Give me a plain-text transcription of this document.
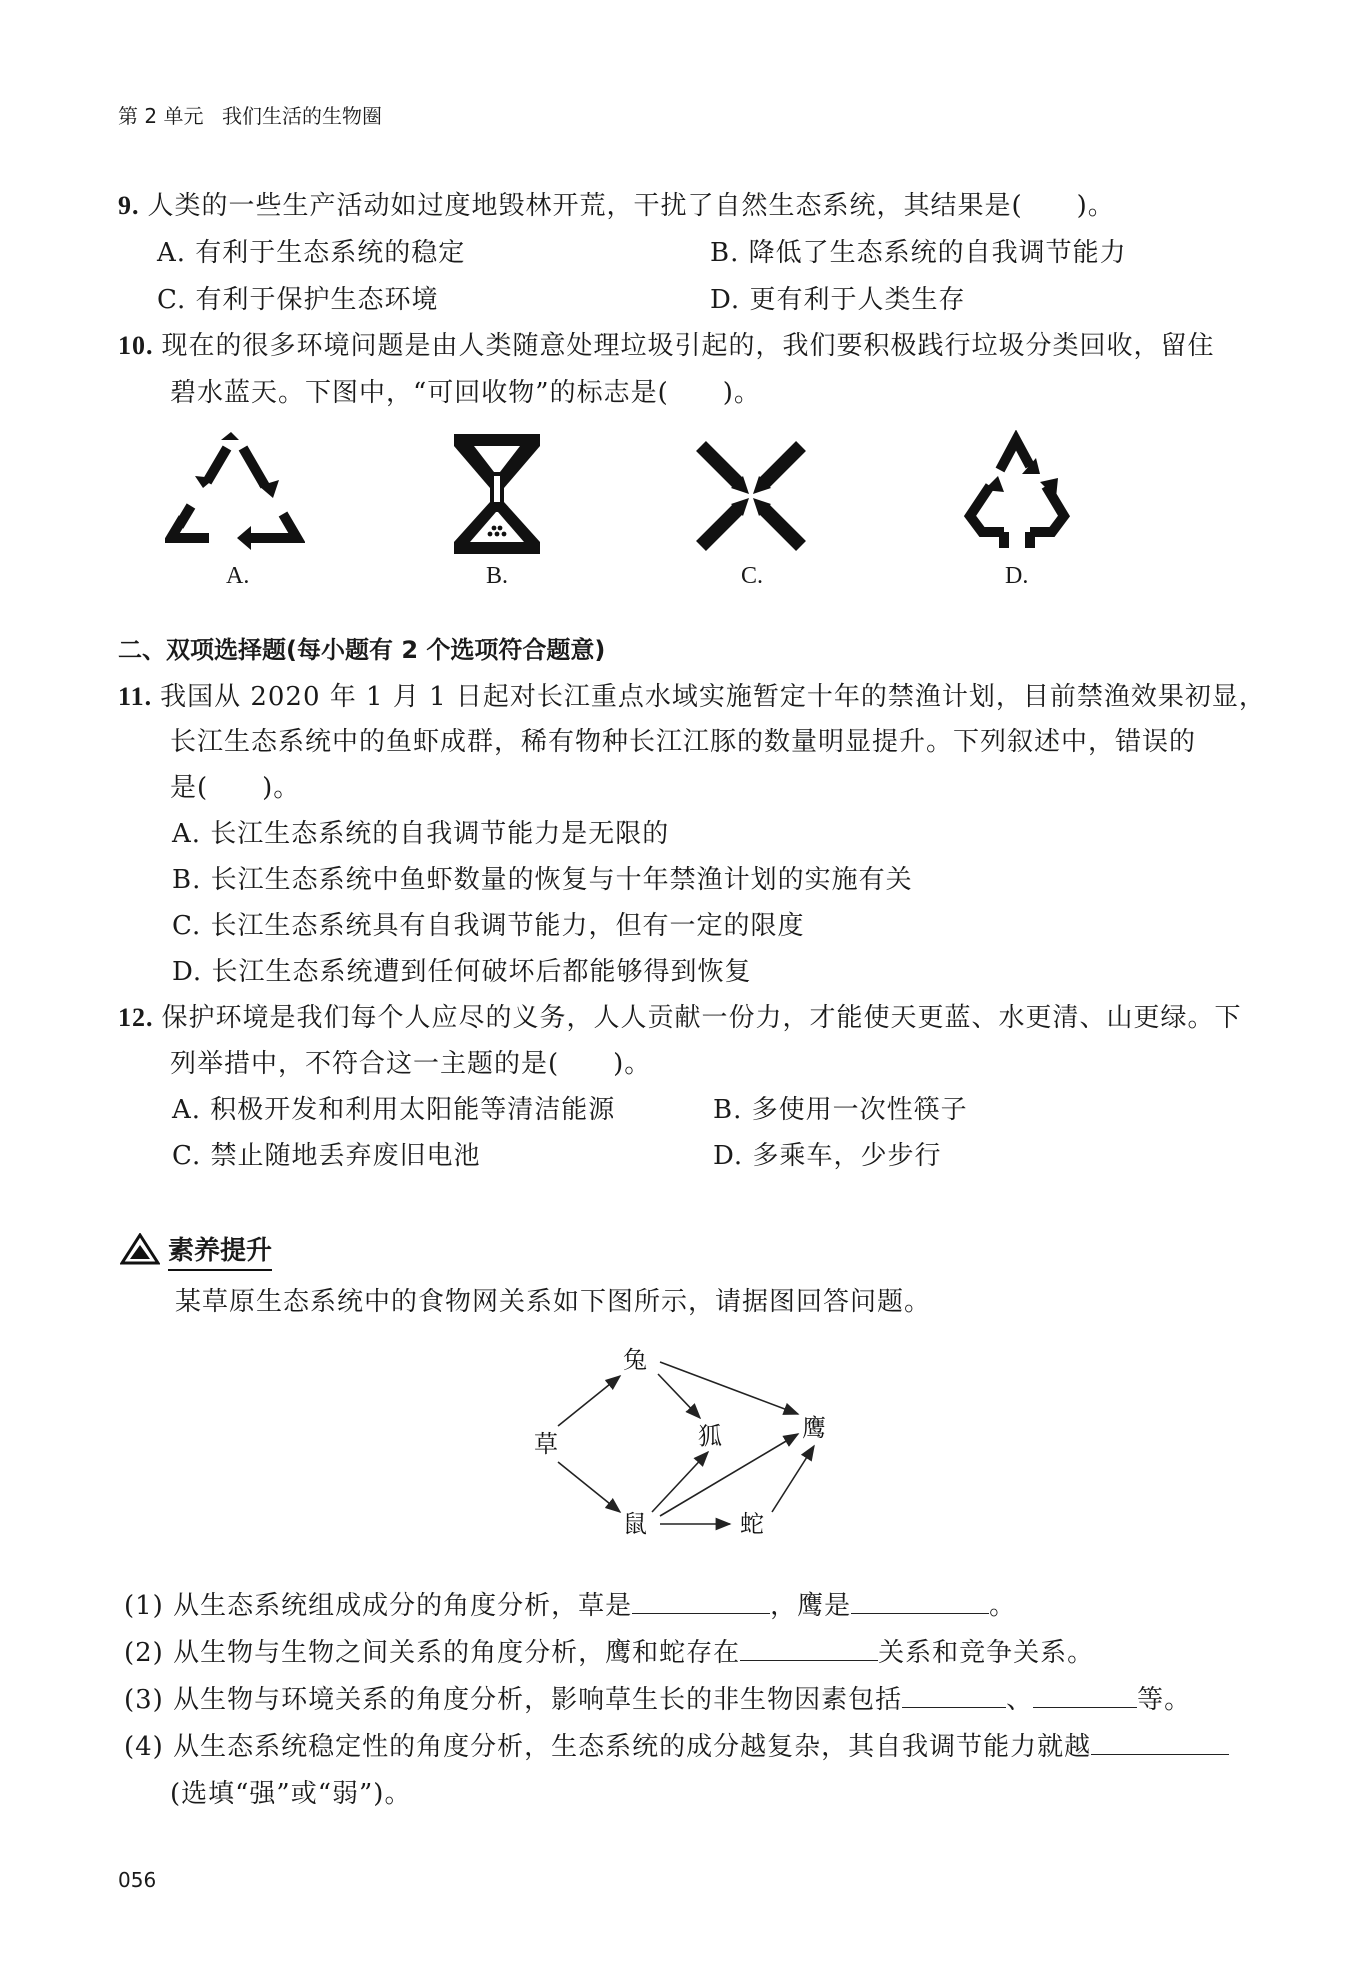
第 2 单元 我们生活的生物圈
9. 人类的一些生产活动如过度地毁林开荒，干扰了自然生态系统，其结果是(　　)。
A. 有利于生态系统的稳定	B. 降低了生态系统的自我调节能力
C. 有利于保护生态环境	D. 更有利于人类生存
10. 现在的很多环境问题是由人类随意处理垃圾引起的，我们要积极践行垃圾分类回收，留住
碧水蓝天。下图中，“可回收物”的标志是(　　)。
A.	B.	C.	D.
二、双项选择题(每小题有 2 个选项符合题意)
11. 我国从 2020 年 1 月 1 日起对长江重点水域实施暂定十年的禁渔计划，目前禁渔效果初显，
长江生态系统中的鱼虾成群，稀有物种长江江豚的数量明显提升。下列叙述中，错误的
是(　　)。
A. 长江生态系统的自我调节能力是无限的
B. 长江生态系统中鱼虾数量的恢复与十年禁渔计划的实施有关
C. 长江生态系统具有自我调节能力，但有一定的限度
D. 长江生态系统遭到任何破坏后都能够得到恢复
12. 保护环境是我们每个人应尽的义务，人人贡献一份力，才能使天更蓝、水更清、山更绿。下
列举措中，不符合这一主题的是(　　)。
A. 积极开发和利用太阳能等清洁能源	B. 多使用一次性筷子
C. 禁止随地丢弃废旧电池	D. 多乘车，少步行
素养提升
某草原生态系统中的食物网关系如下图所示，请据图回答问题。
草
兔
鼠
狐
蛇
鹰
(1) 从生态系统组成成分的角度分析，草是	，鹰是	。
(2) 从生物与生物之间关系的角度分析，鹰和蛇存在	关系和竞争关系。
(3) 从生物与环境关系的角度分析，影响草生长的非生物因素包括	、	等。
(4) 从生态系统稳定性的角度分析，生态系统的成分越复杂，其自我调节能力就越
(选填“强”或“弱”)。
056
